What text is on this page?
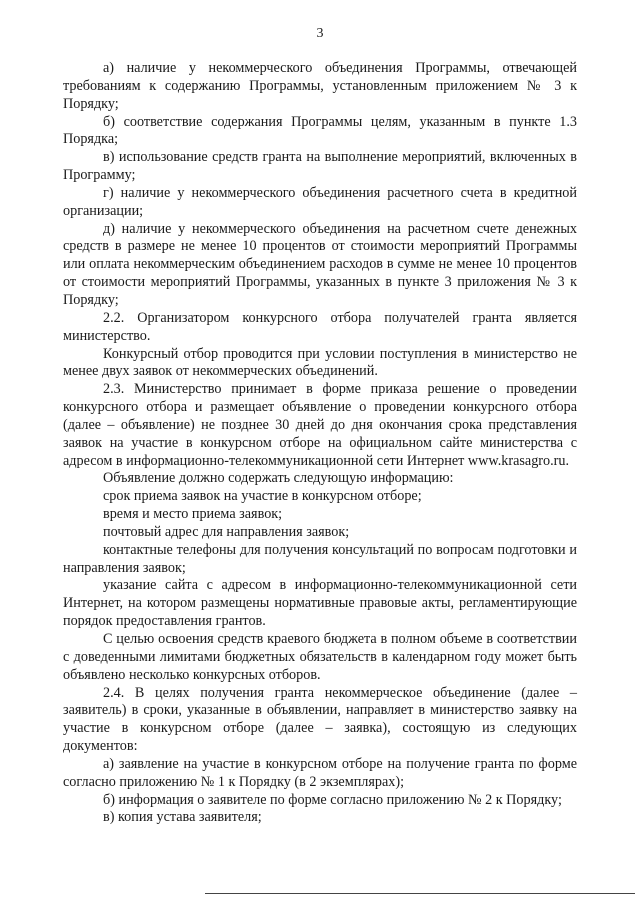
3

а) наличие у некоммерческого объединения Программы, отвечающей требованиям к содержанию Программы, установленным приложением № 3 к Порядку;

б) соответствие содержания Программы целям, указанным в пункте 1.3 Порядка;

в) использование средств гранта на выполнение мероприятий, включенных в Программу;

г) наличие у некоммерческого объединения расчетного счета в кредитной организации;

д) наличие у некоммерческого объединения на расчетном счете денежных средств в размере не менее 10 процентов от стоимости мероприятий Программы или оплата некоммерческим объединением расходов в сумме не менее 10 процентов от стоимости мероприятий Программы, указанных в пункте 3 приложения № 3 к Порядку;

2.2. Организатором конкурсного отбора получателей гранта является министерство.

Конкурсный отбор проводится при условии поступления в министерство не менее двух заявок от некоммерческих объединений.

2.3. Министерство принимает в форме приказа решение о проведении конкурсного отбора и размещает объявление о проведении конкурсного отбора (далее – объявление) не позднее 30 дней до дня окончания срока представления заявок на участие в конкурсном отборе на официальном сайте министерства с адресом в информационно-телекоммуникационной сети Интернет www.krasagro.ru.

Объявление должно содержать следующую информацию:

срок приема заявок на участие в конкурсном отборе;

время и место приема заявок;

почтовый адрес для направления заявок;

контактные телефоны для получения консультаций по вопросам подготовки и направления заявок;

указание сайта с адресом в информационно-телекоммуникационной сети Интернет, на котором размещены нормативные правовые акты, регламентирующие порядок предоставления грантов.

С целью освоения средств краевого бюджета в полном объеме в соответствии с доведенными лимитами бюджетных обязательств в календарном году может быть объявлено несколько конкурсных отборов.

2.4. В целях получения гранта некоммерческое объединение (далее – заявитель) в сроки, указанные в объявлении, направляет в министерство заявку на участие в конкурсном отборе (далее – заявка), состоящую из следующих документов:

а) заявление на участие в конкурсном отборе на получение гранта по форме согласно приложению № 1 к Порядку (в 2 экземплярах);

б) информация о заявителе по форме согласно приложению № 2 к Порядку;

в) копия устава заявителя;
